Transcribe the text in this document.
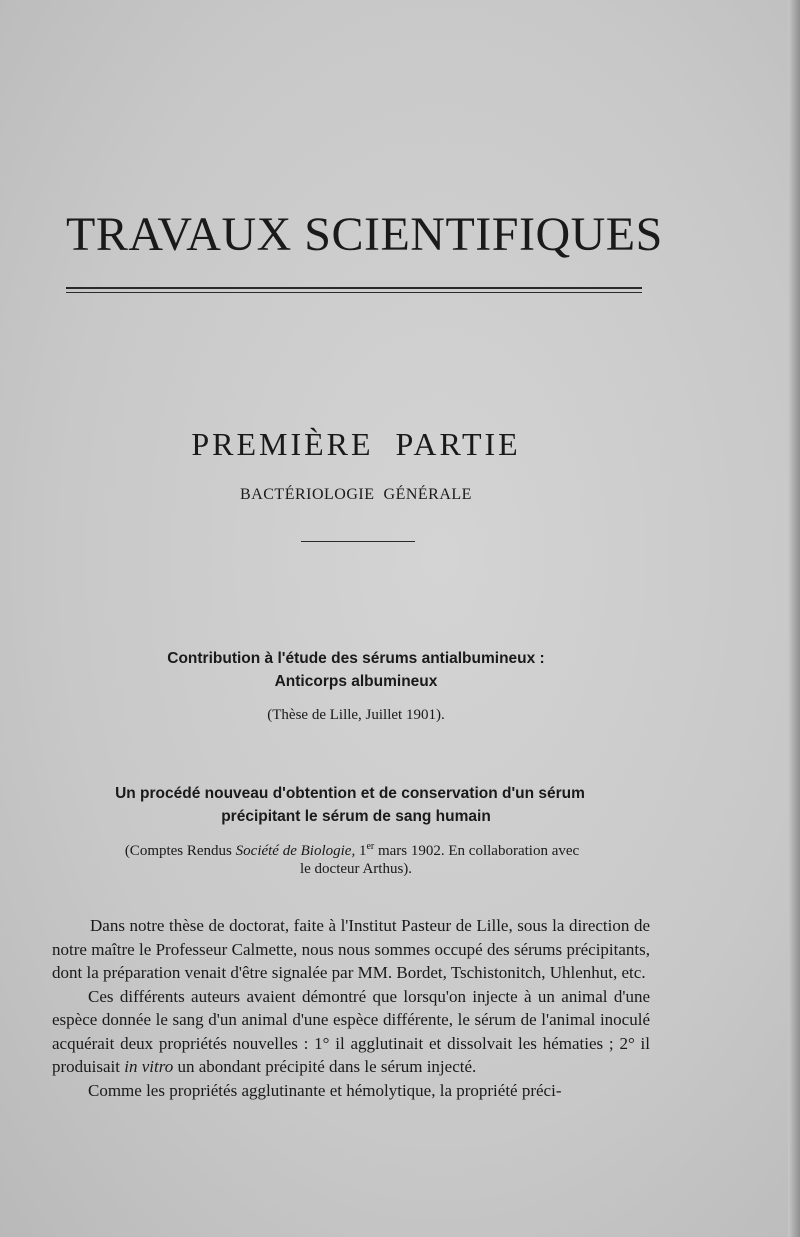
TRAVAUX SCIENTIFIQUES
PREMIÈRE  PARTIE
BACTÉRIOLOGIE  GÉNÉRALE
Contribution à l'étude des sérums antialbumineux :
Anticorps albumineux
(Thèse de Lille, Juillet 1901).
Un procédé nouveau d'obtention et de conservation d'un sérum
précipitant le sérum de sang humain
(Comptes Rendus Société de Biologie, 1er mars 1902. En collaboration avec
le docteur Arthus).

Dans notre thèse de doctorat, faite à l'Institut Pasteur de Lille, sous la direction de notre maître le Professeur Calmette, nous nous sommes occupé des sérums précipitants, dont la préparation venait d'être signalée par MM. Bordet, Tschistonitch, Uhlenhut, etc.

Ces différents auteurs avaient démontré que lorsqu'on injecte à un animal d'une espèce donnée le sang d'un animal d'une espèce différente, le sérum de l'animal inoculé acquérait deux propriétés nouvelles : 1° il agglutinait et dissolvait les hématies ; 2° il produisait in vitro un abondant précipité dans le sérum injecté.

Comme les propriétés agglutinante et hémolytique, la propriété préci-
